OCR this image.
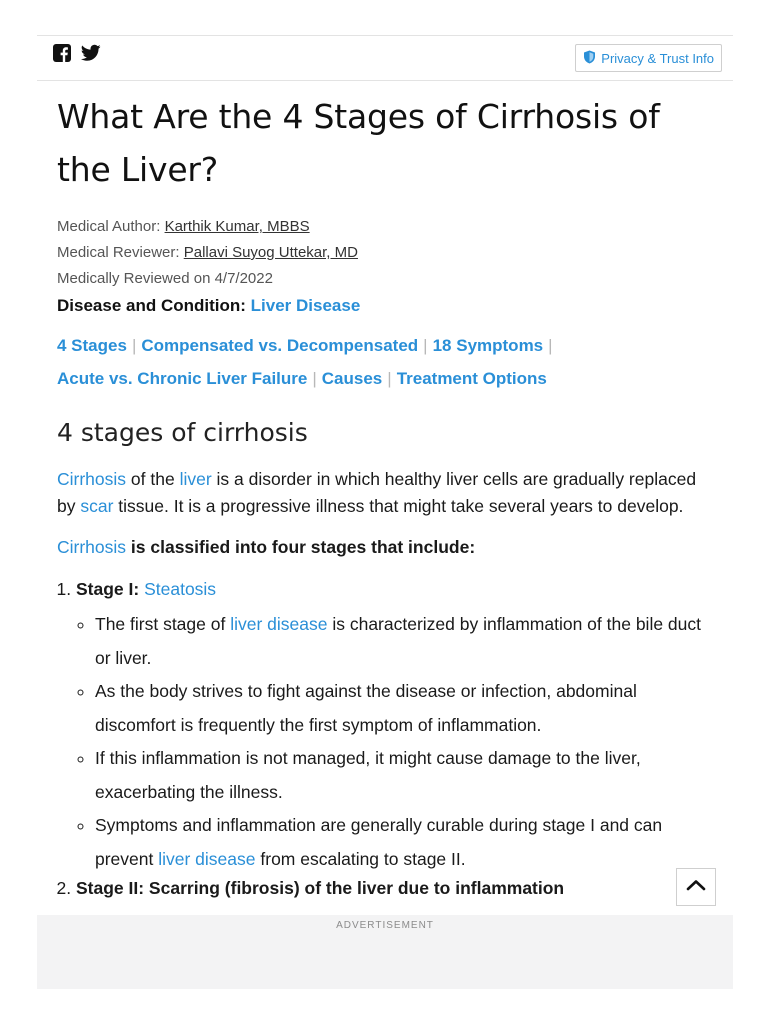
Privacy & Trust Info
What Are the 4 Stages of Cirrhosis of the Liver?
Medical Author: Karthik Kumar, MBBS
Medical Reviewer: Pallavi Suyog Uttekar, MD
Medically Reviewed on 4/7/2022
Disease and Condition: Liver Disease
4 Stages | Compensated vs. Decompensated | 18 Symptoms |
Acute vs. Chronic Liver Failure | Causes | Treatment Options
4 stages of cirrhosis

Cirrhosis of the liver is a disorder in which healthy liver cells are gradually replaced by scar tissue. It is a progressive illness that might take several years to develop.

Cirrhosis is classified into four stages that include:

1. Stage I: Steatosis
◦ The first stage of liver disease is characterized by inflammation of the bile duct or liver.
◦ As the body strives to fight against the disease or infection, abdominal discomfort is frequently the first symptom of inflammation.
◦ If this inflammation is not managed, it might cause damage to the liver, exacerbating the illness.
◦ Symptoms and inflammation are generally curable during stage I and can prevent liver disease from escalating to stage II.
2. Stage II: Scarring (fibrosis) of the liver due to inflammation
ADVERTISEMENT
